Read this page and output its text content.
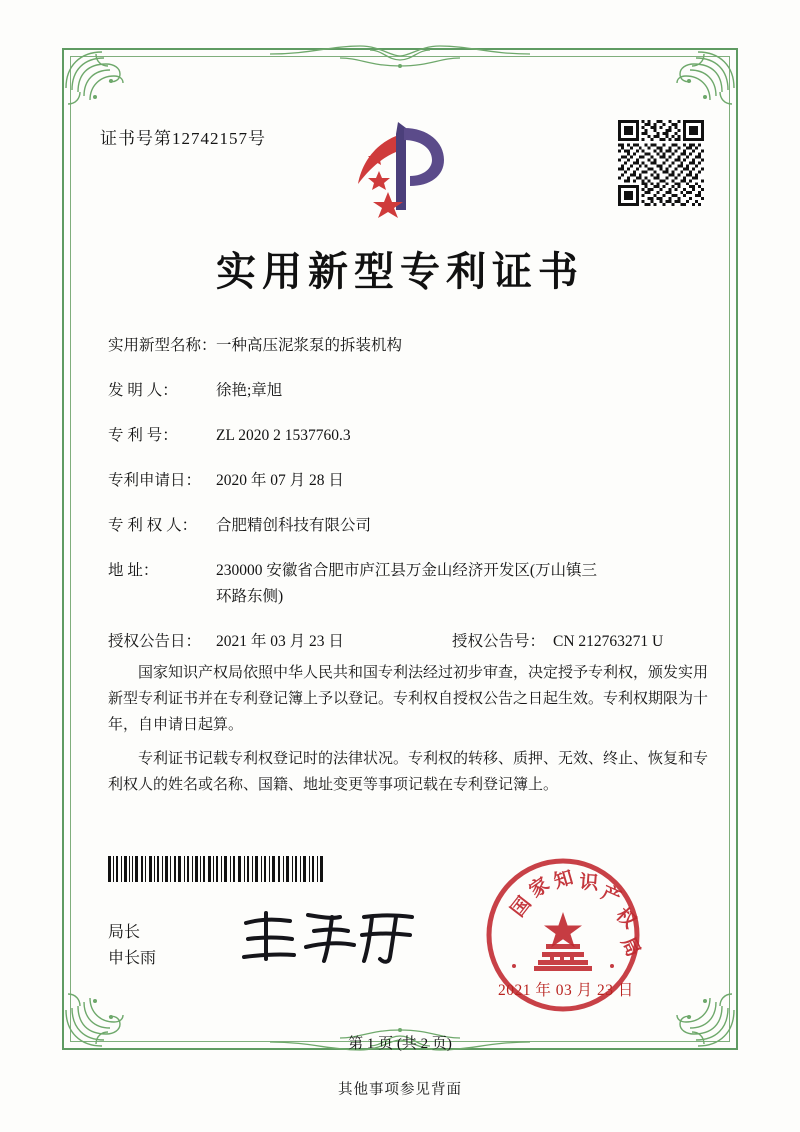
证书号第12742157号
实用新型专利证书
实用新型名称： 一种高压泥浆泵的拆装机构
发 明 人：	徐艳;章旭
专 利 号：	ZL 2020 2 1537760.3
专利申请日： 2020 年 07 月 28 日
专 利 权 人：	合肥精创科技有限公司
地 址：	230000 安徽省合肥市庐江县万金山经济开发区(万山镇三
环路东侧)
授权公告日： 2021 年 03 月 23 日	授权公告号： CN 212763271 U

国家知识产权局依照中华人民共和国专利法经过初步审查，决定授予专利权，颁发实用新型专利证书并在专利登记簿上予以登记。专利权自授权公告之日起生效。专利权期限为十年，自申请日起算。

专利证书记载专利权登记时的法律状况。专利权的转移、质押、无效、终止、恢复和专利权人的姓名或名称、国籍、地址变更等事项记载在专利登记簿上。

局长
申长雨
国
家
知 识
产
权
局
2021 年 03 月 23 日
第 1 页 (共 2 页)
其他事项参见背面
